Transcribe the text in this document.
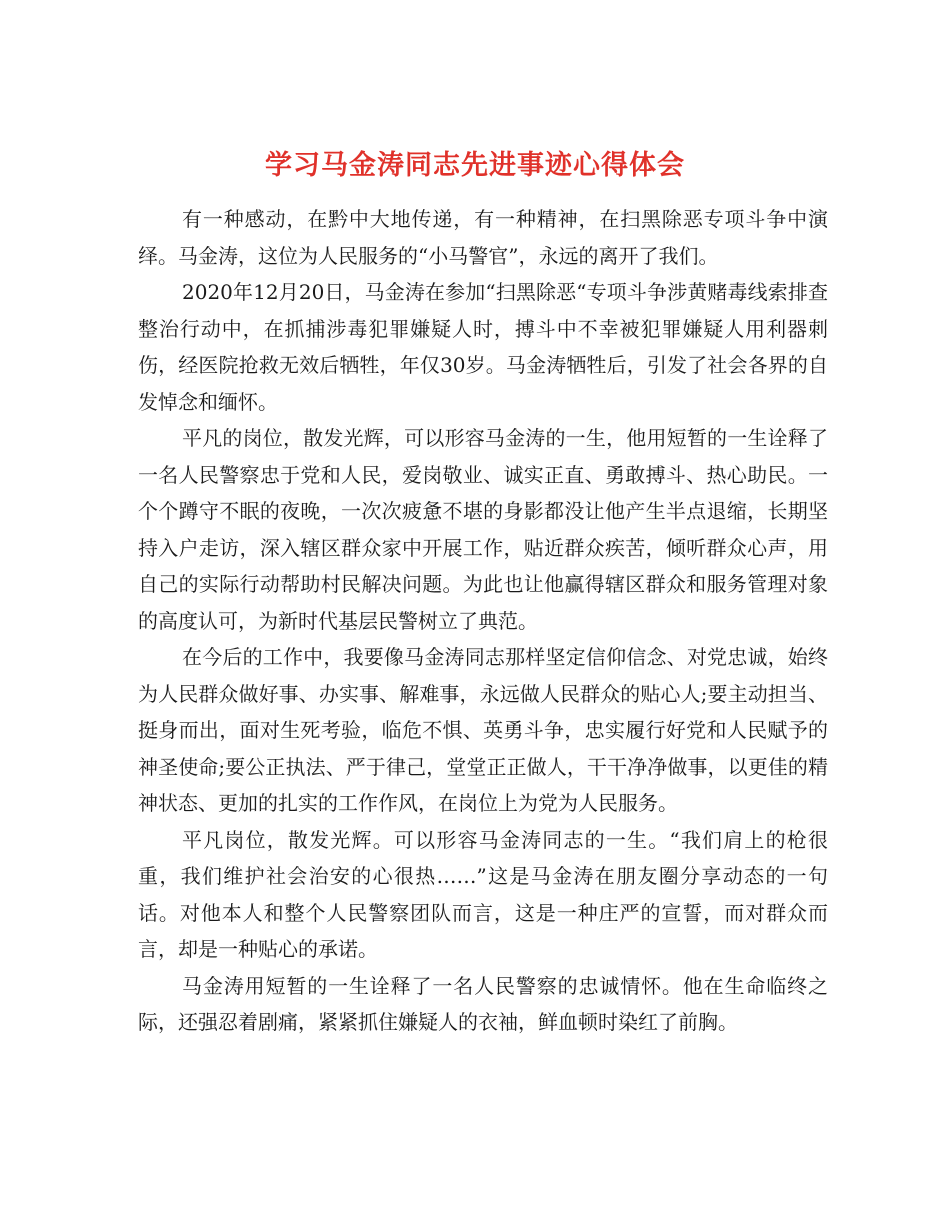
学习马金涛同志先进事迹心得体会

有一种感动，在黔中大地传递，有一种精神，在扫黑除恶专项斗争中演绎。马金涛，这位为人民服务的“小马警官”，永远的离开了我们。

2020年12月20日，马金涛在参加“扫黑除恶“专项斗争涉黄赌毒线索排查整治行动中，在抓捕涉毒犯罪嫌疑人时，搏斗中不幸被犯罪嫌疑人用利器刺伤，经医院抢救无效后牺牲，年仅30岁。马金涛牺牲后，引发了社会各界的自发悼念和缅怀。

平凡的岗位，散发光辉，可以形容马金涛的一生，他用短暂的一生诠释了一名人民警察忠于党和人民，爱岗敬业、诚实正直、勇敢搏斗、热心助民。一个个蹲守不眠的夜晚，一次次疲惫不堪的身影都没让他产生半点退缩，长期坚持入户走访，深入辖区群众家中开展工作，贴近群众疾苦，倾听群众心声，用自己的实际行动帮助村民解决问题。为此也让他赢得辖区群众和服务管理对象的高度认可，为新时代基层民警树立了典范。

在今后的工作中，我要像马金涛同志那样坚定信仰信念、对党忠诚，始终为人民群众做好事、办实事、解难事，永远做人民群众的贴心人;要主动担当、挺身而出，面对生死考验，临危不惧、英勇斗争，忠实履行好党和人民赋予的神圣使命;要公正执法、严于律己，堂堂正正做人，干干净净做事，以更佳的精神状态、更加的扎实的工作作风，在岗位上为党为人民服务。

平凡岗位，散发光辉。可以形容马金涛同志的一生。“我们肩上的枪很重，我们维护社会治安的心很热……”这是马金涛在朋友圈分享动态的一句话。对他本人和整个人民警察团队而言，这是一种庄严的宣誓，而对群众而言，却是一种贴心的承诺。

马金涛用短暂的一生诠释了一名人民警察的忠诚情怀。他在生命临终之际，还强忍着剧痛，紧紧抓住嫌疑人的衣袖，鲜血顿时染红了前胸。
